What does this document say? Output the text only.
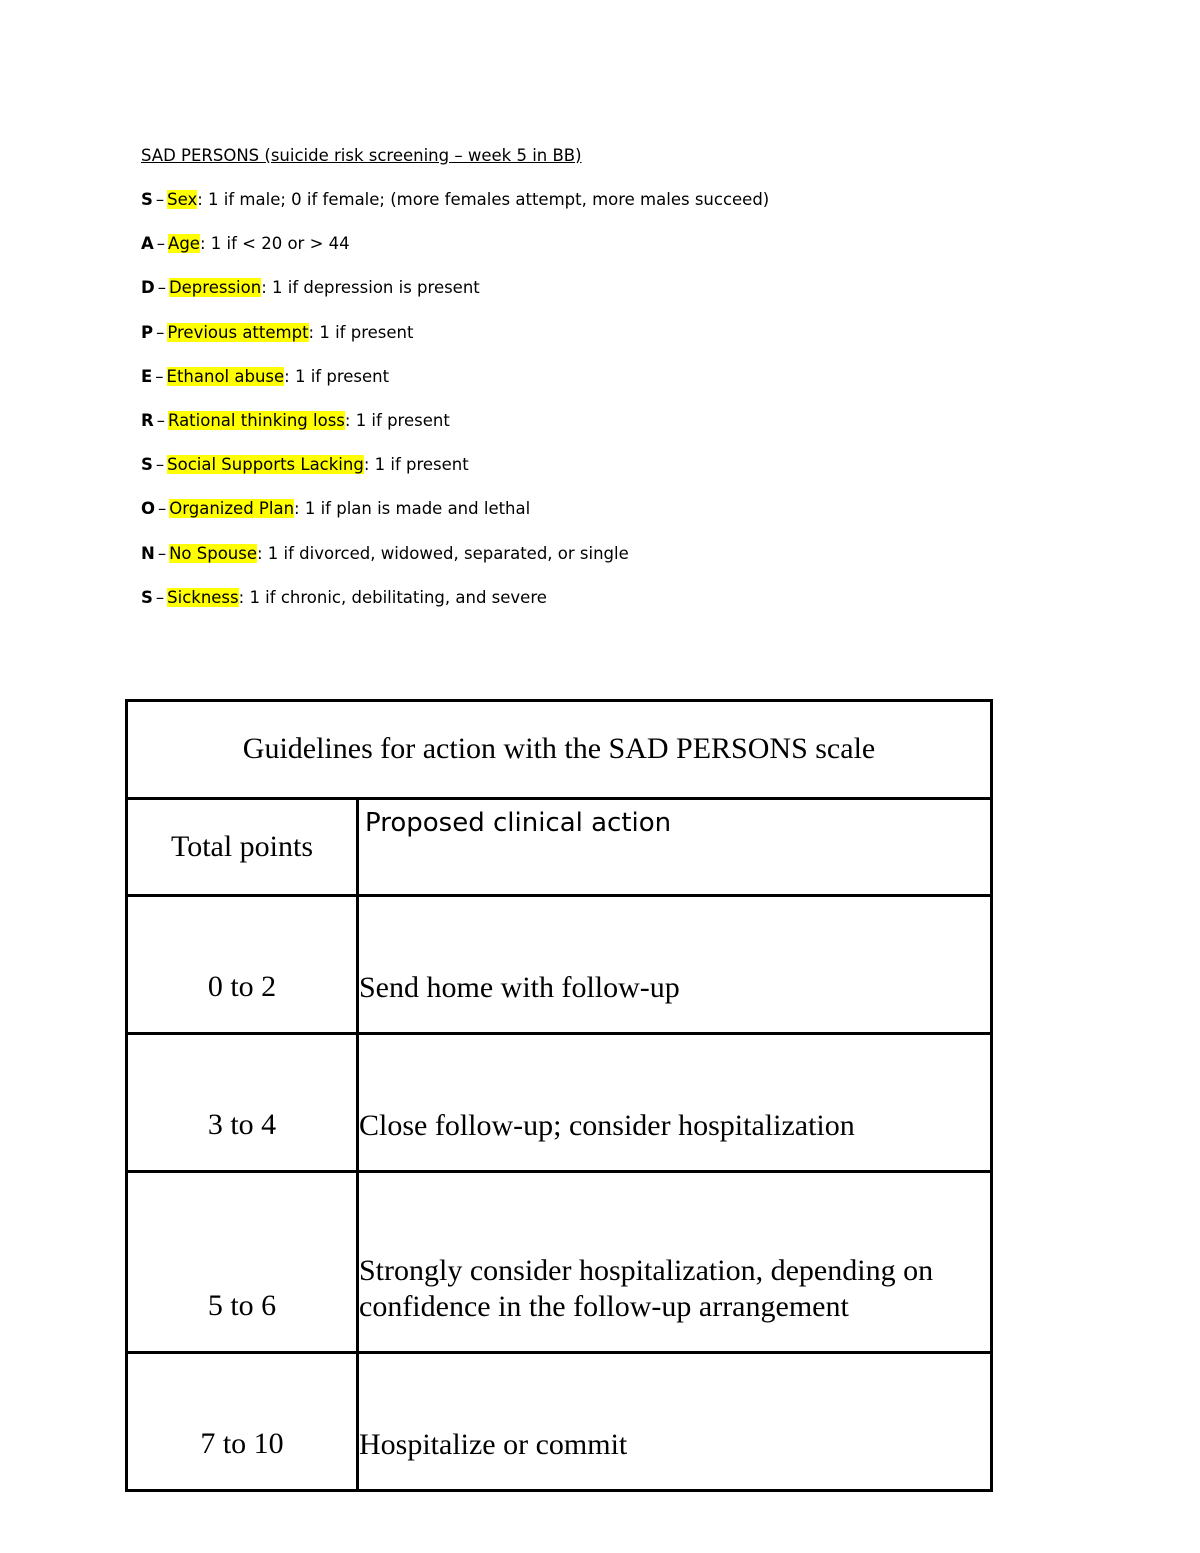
SAD PERSONS (suicide risk screening – week 5 in BB)
S – Sex: 1 if male; 0 if female; (more females attempt, more males succeed)
A – Age: 1 if < 20 or > 44
D – Depression: 1 if depression is present
P – Previous attempt: 1 if present
E – Ethanol abuse: 1 if present
R – Rational thinking loss: 1 if present
S – Social Supports Lacking: 1 if present
O – Organized Plan: 1 if plan is made and lethal
N – No Spouse: 1 if divorced, widowed, separated, or single
S – Sickness: 1 if chronic, debilitating, and severe
Guidelines for action with the SAD PERSONS scale	
Total points	Proposed clinical action
0 to 2	Send home with follow-up
3 to 4	Close follow-up; consider hospitalization
5 to 6	Strongly consider hospitalization, depending on confidence in the follow-up arrangement
7 to 10	Hospitalize or commit
